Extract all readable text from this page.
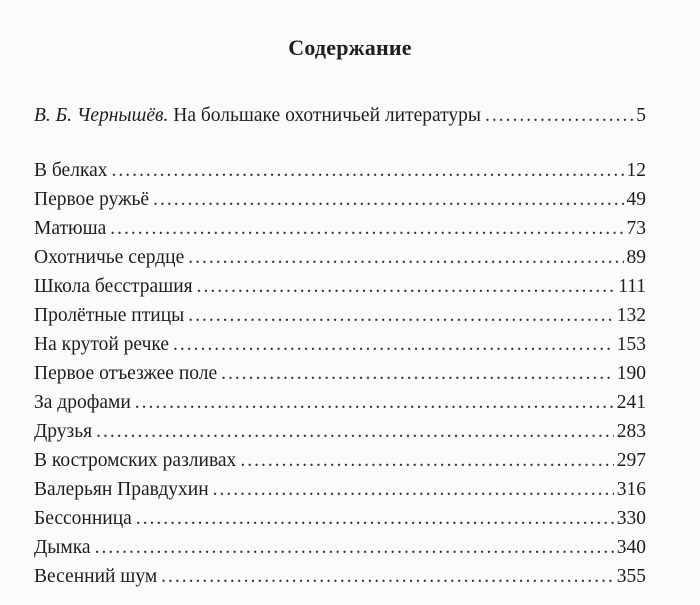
Содержание
В. Б. Чернышёв. На большаке охотничьей литературы .....	5
В белках .....	12
Первое ружьё .....	49
Матюша .....	73
Охотничье сердце .....	89
Школа бесстрашия .....	111
Пролётные птицы .....	132
На крутой речке .....	153
Первое отъезжее поле .....	190
За дрофами .....	241
Друзья .....	283
В костромских разливах .....	297
Валерьян Правдухин .....	316
Бессонница .....	330
Дымка .....	340
Весенний шум .....	355
